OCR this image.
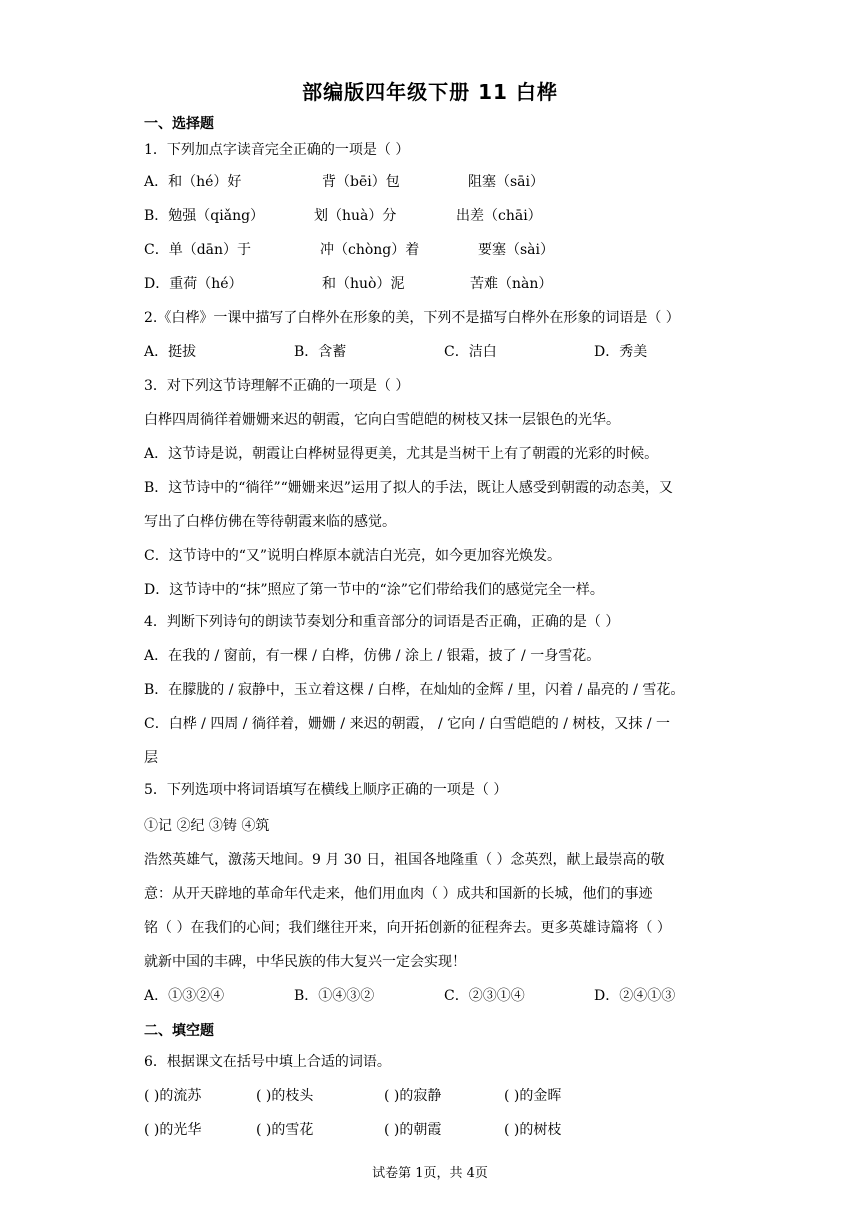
部编版四年级下册 11 白桦
一、选择题
1．下列加点字读音完全正确的一项是（ ）
A．和（hé）好	背（bēi）包	阻塞（sāi）
B．勉强（qiǎng）	划（huà）分	出差（chāi）
C．单（dān）于	冲（chòng）着	要塞（sài）
D．重荷（hé）	和（huò）泥	苦难（nàn）
2.《白桦》一课中描写了白桦外在形象的美，下列不是描写白桦外在形象的词语是（ ）
A．挺拔	B．含蓄	C．洁白	D．秀美
3．对下列这节诗理解不正确的一项是（ ）
白桦四周徜徉着姗姗来迟的朝霞，它向白雪皑皑的树枝又抹一层银色的光华。
A．这节诗是说，朝霞让白桦树显得更美，尤其是当树干上有了朝霞的光彩的时候。
B．这节诗中的“徜徉”“姗姗来迟”运用了拟人的手法，既让人感受到朝霞的动态美，又
写出了白桦仿佛在等待朝霞来临的感觉。
C．这节诗中的“又”说明白桦原本就洁白光亮，如今更加容光焕发。
D．这节诗中的“抹”照应了第一节中的“涂”它们带给我们的感觉完全一样。
4．判断下列诗句的朗读节奏划分和重音部分的词语是否正确，正确的是（ ）
A．在我的 / 窗前，有一棵 / 白桦，仿佛 / 涂上 / 银霜，披了 / 一身雪花。
B．在朦胧的 / 寂静中，玉立着这棵 / 白桦，在灿灿的金辉 / 里，闪着 / 晶亮的 / 雪花。
C．白桦 / 四周 / 徜徉着，姗姗 / 来迟的朝霞， / 它向 / 白雪皑皑的 / 树枝，又抹 / 一
层
5．下列选项中将词语填写在横线上顺序正确的一项是（ ）
①记 ②纪 ③铸 ④筑
浩然英雄气，激荡天地间。9 月 30 日，祖国各地隆重（ ）念英烈，献上最崇高的敬
意：从开天辟地的革命年代走来，他们用血肉（ ）成共和国新的长城，他们的事迹
铭（ ）在我们的心间；我们继往开来，向开拓创新的征程奔去。更多英雄诗篇将（ ）
就新中国的丰碑，中华民族的伟大复兴一定会实现！
A．①③②④	B．①④③②	C．②③①④	D．②④①③
二、填空题
6．根据课文在括号中填上合适的词语。
( )的流苏	( )的枝头	( )的寂静	( )的金晖
( )的光华	( )的雪花	( )的朝霞	( )的树枝
试卷第 1页，共 4页
